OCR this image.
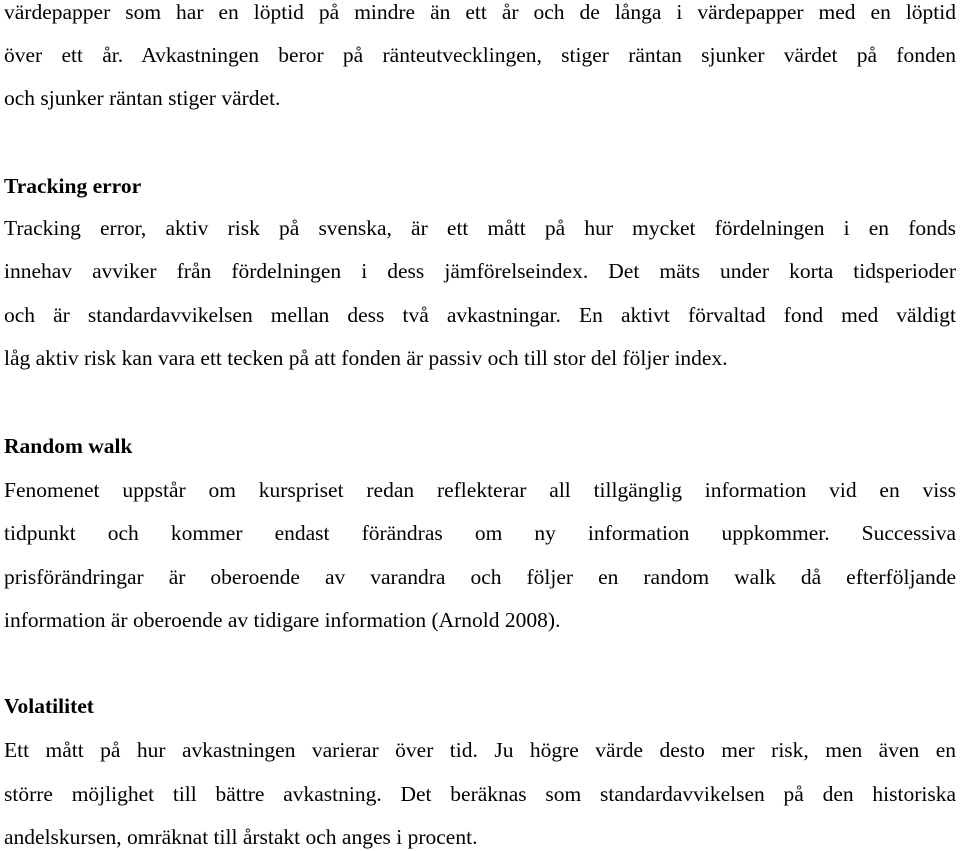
värdepapper som har en löptid på mindre än ett år och de långa i värdepapper med en löptid
över ett år. Avkastningen beror på ränteutvecklingen, stiger räntan sjunker värdet på fonden
och sjunker räntan stiger värdet.
Tracking error
Tracking error, aktiv risk på svenska, är ett mått på hur mycket fördelningen i en fonds
innehav avviker från fördelningen i dess jämförelseindex. Det mäts under korta tidsperioder
och är standardavvikelsen mellan dess två avkastningar. En aktivt förvaltad fond med väldigt
låg aktiv risk kan vara ett tecken på att fonden är passiv och till stor del följer index.
Random walk
Fenomenet uppstår om kurspriset redan reflekterar all tillgänglig information vid en viss
tidpunkt och kommer endast förändras om ny information uppkommer. Successiva
prisförändringar är oberoende av varandra och följer en random walk då efterföljande
information är oberoende av tidigare information (Arnold 2008).
Volatilitet
Ett mått på hur avkastningen varierar över tid. Ju högre värde desto mer risk, men även en
större möjlighet till bättre avkastning. Det beräknas som standardavvikelsen på den historiska
andelskursen, omräknat till årstakt och anges i procent.
